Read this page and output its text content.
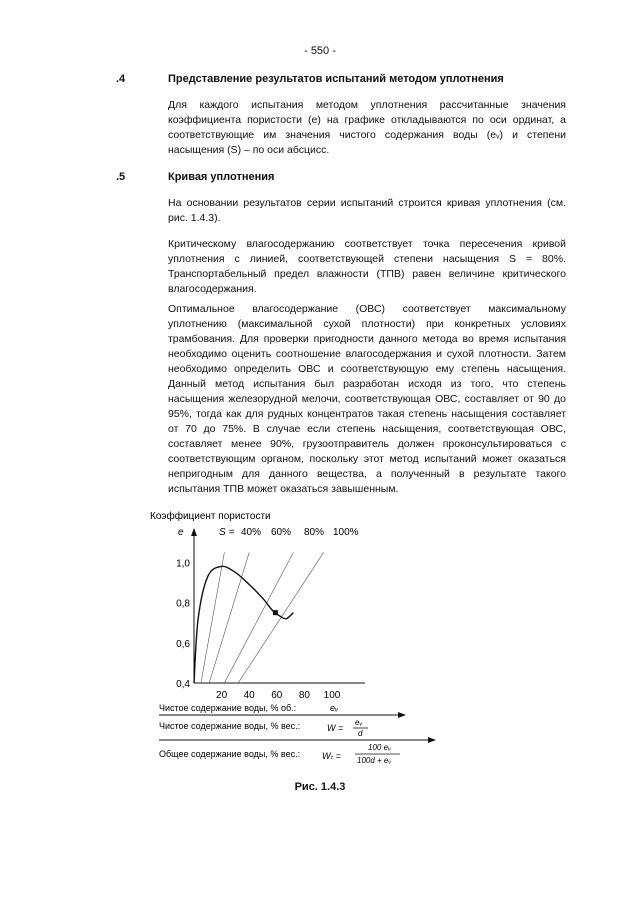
- 550 -
.4	Представление результатов испытаний методом уплотнения
Для каждого испытания методом уплотнения рассчитанные значения коэффициента пористости (e) на графике откладываются по оси ординат, а соответствующие им значения чистого содержания воды (eᵥ) и степени насыщения (S) – по оси абсцисс.
.5	Кривая уплотнения
На основании результатов серии испытаний строится кривая уплотнения (см. рис. 1.4.3).
Критическому влагосодержанию соответствует точка пересечения кривой уплотнения с линией, соответствующей степени насыщения S = 80%. Транспортабельный предел влажности (ТПВ) равен величине критического влагосодержания.
Оптимальное влагосодержание (ОВС) соответствует максимальному уплотнению (максимальной сухой плотности) при конкретных условиях трамбования. Для проверки пригодности данного метода во время испытания необходимо оценить соотношение влагосодержания и сухой плотности. Затем необходимо определить ОВС и соответствующую ему степень насыщения. Данный метод испытания был разработан исходя из того, что степень насыщения железорудной мелочи, соответствующая ОВС, составляет от 90 до 95%, тогда как для рудных концентратов такая степень насыщения составляет от 70 до 75%. В случае если степень насыщения, соответствующая ОВС, составляет менее 90%, грузоотправитель должен проконсультироваться с соответствующим органом, поскольку этот метод испытаний может оказаться непригодным для данного вещества, а полученный в результате такого испытания ТПВ может оказаться завышенным.
Коэффициент пористости
e	S = 40% 60% 80% 100%
0,4
0,6
0,8
1,0
20 40 60 80 100
Чистое содержание воды, % об.:	eᵥ
Чистое содержание воды, % вес.:	W =
eᵥ
d
Общее содержание воды, % вес.: Wₜ =
100 eᵥ
100d + eᵥ
Рис. 1.4.3
